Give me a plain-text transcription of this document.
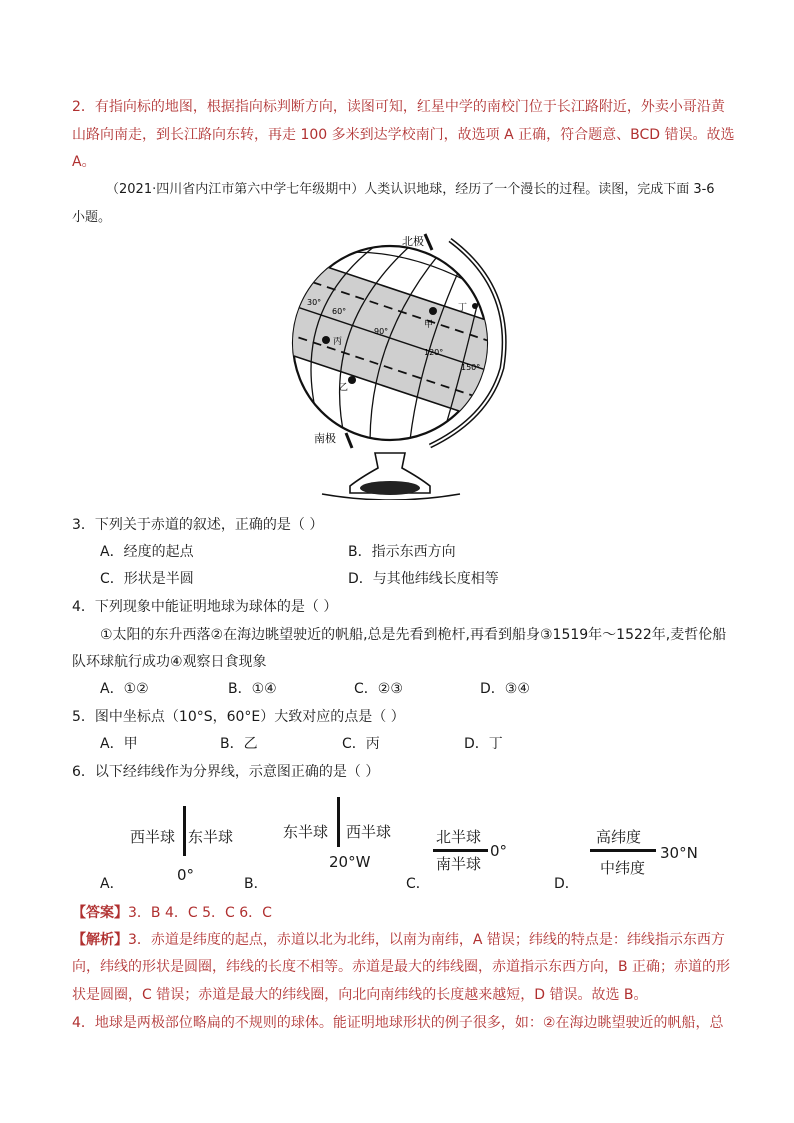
2．有指向标的地图，根据指向标判断方向，读图可知，红星中学的南校门位于长江路附近，外卖小哥沿黄
山路向南走，到长江路向东转，再走 100 多米到达学校南门，故选项 A 正确，符合题意、BCD 错误。故选
A。
（2021·四川省内江市第六中学七年级期中）人类认识地球，经历了一个漫长的过程。读图，完成下面 3-6
小题。
北极
南极
30°
60°
90°
120°
150°
甲
乙
丙
丁
3．下列关于赤道的叙述，正确的是（ ）
A．经度的起点	B．指示东西方向
C．形状是半圆	D．与其他纬线长度相等
4．下列现象中能证明地球为球体的是（ ）
①太阳的东升西落②在海边眺望驶近的帆船,总是先看到桅杆,再看到船身③1519年～1522年,麦哲伦船
队环球航行成功④观察日食现象
A．①②	B．①④	C．②③	D．③④
5．图中坐标点（10°S，60°E）大致对应的点是（ ）
A．甲	B．乙	C．丙	D．丁
6．以下经纬线作为分界线，示意图正确的是（ ）
西半球 东半球
0°
A．
东半球 西半球
20°W
B．
北半球
南半球
0°
C．
高纬度
中纬度
30°N
D．
【答案】3．B 4．C 5．C 6．C
【解析】3．赤道是纬度的起点，赤道以北为北纬，以南为南纬，A 错误；纬线的特点是：纬线指示东西方
向，纬线的形状是圆圈，纬线的长度不相等。赤道是最大的纬线圈，赤道指示东西方向，B 正确；赤道的形
状是圆圈，C 错误；赤道是最大的纬线圈，向北向南纬线的长度越来越短，D 错误。故选 B。
4．地球是两极部位略扁的不规则的球体。能证明地球形状的例子很多，如：②在海边眺望驶近的帆船，总
